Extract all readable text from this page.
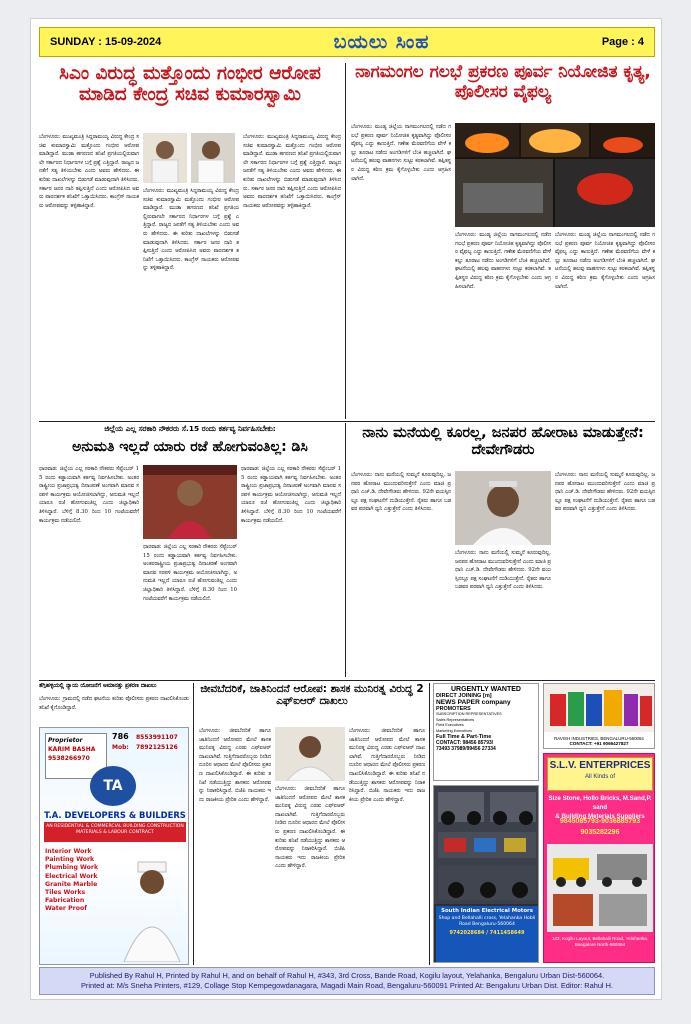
SUNDAY : 15-09-2024	ಬಯಲು ಸಿಂಹ	Page : 4
ಸಿಎಂ ವಿರುದ್ಧ ಮತ್ತೊಂದು ಗಂಭೀರ ಆರೋಪ ಮಾಡಿದ ಕೇಂದ್ರ ಸಚಿವ ಕುಮಾರಸ್ವಾಮಿ
ಬೆಂಗಳೂರು: ಮುಖ್ಯಮಂತ್ರಿ ಸಿದ್ದರಾಮಯ್ಯ ವಿರುದ್ಧ ಕೇಂದ್ರ ಸಚಿವ ಕುಮಾರಸ್ವಾಮಿ ಮತ್ತೊಂದು ಗಂಭೀರ ಆರೋಪ ಮಾಡಿದ್ದಾರೆ. ಮುಡಾ ಹಗರಣದ ತನಿಖೆ ಪ್ರಗತಿಯಲ್ಲಿರುವಾಗಲೇ ಸರ್ಕಾರದ ನಿರ್ಧಾರಗಳ ಬಗ್ಗೆ ಪ್ರಶ್ನೆ ಎತ್ತಿದ್ದಾರೆ. ರಾಜ್ಯದ ಜನತೆಗೆ ಸತ್ಯ ತಿಳಿಯಬೇಕು ಎಂದು ಅವರು ಹೇಳಿದರು. ಈ ಕುರಿತು ದಾಖಲೆಗಳನ್ನು ಬಿಡುಗಡೆ ಮಾಡುವುದಾಗಿ ತಿಳಿಸಿದರು. ಸರ್ಕಾರ ಜನರ ದಾರಿ ತಪ್ಪಿಸುತ್ತಿದೆ ಎಂದು ಆರೋಪಿಸಿದ ಅವರು ಪಾರದರ್ಶಕ ತನಿಖೆಗೆ ಒತ್ತಾಯಿಸಿದರು. ಕಾಂಗ್ರೆಸ್ ನಾಯಕರು ಆರೋಪವನ್ನು ತಳ್ಳಿಹಾಕಿದ್ದಾರೆ.
ಬೆಂಗಳೂರು: ಮುಖ್ಯಮಂತ್ರಿ ಸಿದ್ದರಾಮಯ್ಯ ವಿರುದ್ಧ ಕೇಂದ್ರ ಸಚಿವ ಕುಮಾರಸ್ವಾಮಿ ಮತ್ತೊಂದು ಗಂಭೀರ ಆರೋಪ ಮಾಡಿದ್ದಾರೆ. ಮುಡಾ ಹಗರಣದ ತನಿಖೆ ಪ್ರಗತಿಯಲ್ಲಿರುವಾಗಲೇ ಸರ್ಕಾರದ ನಿರ್ಧಾರಗಳ ಬಗ್ಗೆ ಪ್ರಶ್ನೆ ಎತ್ತಿದ್ದಾರೆ. ರಾಜ್ಯದ ಜನತೆಗೆ ಸತ್ಯ ತಿಳಿಯಬೇಕು ಎಂದು ಅವರು ಹೇಳಿದರು. ಈ ಕುರಿತು ದಾಖಲೆಗಳನ್ನು ಬಿಡುಗಡೆ ಮಾಡುವುದಾಗಿ ತಿಳಿಸಿದರು. ಸರ್ಕಾರ ಜನರ ದಾರಿ ತಪ್ಪಿಸುತ್ತಿದೆ ಎಂದು ಆರೋಪಿಸಿದ ಅವರು ಪಾರದರ್ಶಕ ತನಿಖೆಗೆ ಒತ್ತಾಯಿಸಿದರು. ಕಾಂಗ್ರೆಸ್ ನಾಯಕರು ಆರೋಪವನ್ನು ತಳ್ಳಿಹಾಕಿದ್ದಾರೆ.
ಬೆಂಗಳೂರು: ಮುಖ್ಯಮಂತ್ರಿ ಸಿದ್ದರಾಮಯ್ಯ ವಿರುದ್ಧ ಕೇಂದ್ರ ಸಚಿವ ಕುಮಾರಸ್ವಾಮಿ ಮತ್ತೊಂದು ಗಂಭೀರ ಆರೋಪ ಮಾಡಿದ್ದಾರೆ. ಮುಡಾ ಹಗರಣದ ತನಿಖೆ ಪ್ರಗತಿಯಲ್ಲಿರುವಾಗಲೇ ಸರ್ಕಾರದ ನಿರ್ಧಾರಗಳ ಬಗ್ಗೆ ಪ್ರಶ್ನೆ ಎತ್ತಿದ್ದಾರೆ. ರಾಜ್ಯದ ಜನತೆಗೆ ಸತ್ಯ ತಿಳಿಯಬೇಕು ಎಂದು ಅವರು ಹೇಳಿದರು. ಈ ಕುರಿತು ದಾಖಲೆಗಳನ್ನು ಬಿಡುಗಡೆ ಮಾಡುವುದಾಗಿ ತಿಳಿಸಿದರು. ಸರ್ಕಾರ ಜನರ ದಾರಿ ತಪ್ಪಿಸುತ್ತಿದೆ ಎಂದು ಆರೋಪಿಸಿದ ಅವರು ಪಾರದರ್ಶಕ ತನಿಖೆಗೆ ಒತ್ತಾಯಿಸಿದರು. ಕಾಂಗ್ರೆಸ್ ನಾಯಕರು ಆರೋಪವನ್ನು ತಳ್ಳಿಹಾಕಿದ್ದಾರೆ.
ನಾಗಮಂಗಲ ಗಲಭೆ ಪ್ರಕರಣ ಪೂರ್ವ ನಿಯೋಜಿತ ಕೃತ್ಯ, ಪೊಲೀಸರ ವೈಫಲ್ಯ
ಬೆಂಗಳೂರು: ಮಂಡ್ಯ ಜಿಲ್ಲೆಯ ನಾಗಮಂಗಲದಲ್ಲಿ ನಡೆದ ಗಲಭೆ ಪ್ರಕರಣ ಪೂರ್ವ ನಿಯೋಜಿತ ಕೃತ್ಯವಾಗಿದ್ದು ಪೊಲೀಸರ ವೈಫಲ್ಯ ಎದ್ದು ಕಾಣುತ್ತಿದೆ. ಗಣೇಶ ಮೆರವಣಿಗೆಯ ವೇಳೆ ಕಲ್ಲು ತೂರಾಟ ನಡೆದು ಅಂಗಡಿಗಳಿಗೆ ಬೆಂಕಿ ಹಚ್ಚಲಾಗಿದೆ. ಘಟನೆಯಲ್ಲಿ ಹಲವು ವಾಹನಗಳು ಸುಟ್ಟು ಕರಕಲಾಗಿವೆ. ತಪ್ಪಿತಸ್ಥರ ವಿರುದ್ಧ ಕಠಿಣ ಕ್ರಮ ಕೈಗೊಳ್ಳಬೇಕು ಎಂದು ಆಗ್ರಹಿಸಲಾಗಿದೆ.
ಬೆಂಗಳೂರು: ಮಂಡ್ಯ ಜಿಲ್ಲೆಯ ನಾಗಮಂಗಲದಲ್ಲಿ ನಡೆದ ಗಲಭೆ ಪ್ರಕರಣ ಪೂರ್ವ ನಿಯೋಜಿತ ಕೃತ್ಯವಾಗಿದ್ದು ಪೊಲೀಸರ ವೈಫಲ್ಯ ಎದ್ದು ಕಾಣುತ್ತಿದೆ. ಗಣೇಶ ಮೆರವಣಿಗೆಯ ವೇಳೆ ಕಲ್ಲು ತೂರಾಟ ನಡೆದು ಅಂಗಡಿಗಳಿಗೆ ಬೆಂಕಿ ಹಚ್ಚಲಾಗಿದೆ. ಘಟನೆಯಲ್ಲಿ ಹಲವು ವಾಹನಗಳು ಸುಟ್ಟು ಕರಕಲಾಗಿವೆ. ತಪ್ಪಿತಸ್ಥರ ವಿರುದ್ಧ ಕಠಿಣ ಕ್ರಮ ಕೈಗೊಳ್ಳಬೇಕು ಎಂದು ಆಗ್ರಹಿಸಲಾಗಿದೆ.
ಬೆಂಗಳೂರು: ಮಂಡ್ಯ ಜಿಲ್ಲೆಯ ನಾಗಮಂಗಲದಲ್ಲಿ ನಡೆದ ಗಲಭೆ ಪ್ರಕರಣ ಪೂರ್ವ ನಿಯೋಜಿತ ಕೃತ್ಯವಾಗಿದ್ದು ಪೊಲೀಸರ ವೈಫಲ್ಯ ಎದ್ದು ಕಾಣುತ್ತಿದೆ. ಗಣೇಶ ಮೆರವಣಿಗೆಯ ವೇಳೆ ಕಲ್ಲು ತೂರಾಟ ನಡೆದು ಅಂಗಡಿಗಳಿಗೆ ಬೆಂಕಿ ಹಚ್ಚಲಾಗಿದೆ. ಘಟನೆಯಲ್ಲಿ ಹಲವು ವಾಹನಗಳು ಸುಟ್ಟು ಕರಕಲಾಗಿವೆ. ತಪ್ಪಿತಸ್ಥರ ವಿರುದ್ಧ ಕಠಿಣ ಕ್ರಮ ಕೈಗೊಳ್ಳಬೇಕು ಎಂದು ಆಗ್ರಹಿಸಲಾಗಿದೆ.
ಜಿಲ್ಲೆಯ ಎಲ್ಲ ಸರಕಾರಿ ನೌಕರರು ಸೆ.15 ರಂದು ಕರ್ತವ್ಯ ನಿರ್ವಹಿಸಬೇಕು:
ಅನುಮತಿ ಇಲ್ಲದೆ ಯಾರು ರಜೆ ಹೋಗುವಂತಿಲ್ಲ: ಡಿಸಿ
ಧಾರವಾಡ: ಜಿಲ್ಲೆಯ ಎಲ್ಲ ಸರಕಾರಿ ನೌಕರರು ಸೆಪ್ಟೆಂಬರ್ 15 ರಂದು ಕಡ್ಡಾಯವಾಗಿ ಕರ್ತವ್ಯ ನಿರ್ವಹಿಸಬೇಕು. ಅಂತರರಾಷ್ಟ್ರೀಯ ಪ್ರಜಾಪ್ರಭುತ್ವ ದಿನಾಚರಣೆ ಅಂಗವಾಗಿ ಮಾನವ ಸರಪಳಿ ಕಾರ್ಯಕ್ರಮ ಆಯೋಜಿಸಲಾಗಿದ್ದು, ಅನುಮತಿ ಇಲ್ಲದೆ ಯಾರೂ ರಜೆ ಹೋಗುವಂತಿಲ್ಲ ಎಂದು ಜಿಲ್ಲಾಧಿಕಾರಿ ತಿಳಿಸಿದ್ದಾರೆ. ಬೆಳಿಗ್ಗೆ 8.30 ರಿಂದ 10 ಗಂಟೆಯವರೆಗೆ ಕಾರ್ಯಕ್ರಮ ನಡೆಯಲಿದೆ.
ಧಾರವಾಡ: ಜಿಲ್ಲೆಯ ಎಲ್ಲ ಸರಕಾರಿ ನೌಕರರು ಸೆಪ್ಟೆಂಬರ್ 15 ರಂದು ಕಡ್ಡಾಯವಾಗಿ ಕರ್ತವ್ಯ ನಿರ್ವಹಿಸಬೇಕು. ಅಂತರರಾಷ್ಟ್ರೀಯ ಪ್ರಜಾಪ್ರಭುತ್ವ ದಿನಾಚರಣೆ ಅಂಗವಾಗಿ ಮಾನವ ಸರಪಳಿ ಕಾರ್ಯಕ್ರಮ ಆಯೋಜಿಸಲಾಗಿದ್ದು, ಅನುಮತಿ ಇಲ್ಲದೆ ಯಾರೂ ರಜೆ ಹೋಗುವಂತಿಲ್ಲ ಎಂದು ಜಿಲ್ಲಾಧಿಕಾರಿ ತಿಳಿಸಿದ್ದಾರೆ. ಬೆಳಿಗ್ಗೆ 8.30 ರಿಂದ 10 ಗಂಟೆಯವರೆಗೆ ಕಾರ್ಯಕ್ರಮ ನಡೆಯಲಿದೆ.
ಧಾರವಾಡ: ಜಿಲ್ಲೆಯ ಎಲ್ಲ ಸರಕಾರಿ ನೌಕರರು ಸೆಪ್ಟೆಂಬರ್ 15 ರಂದು ಕಡ್ಡಾಯವಾಗಿ ಕರ್ತವ್ಯ ನಿರ್ವಹಿಸಬೇಕು. ಅಂತರರಾಷ್ಟ್ರೀಯ ಪ್ರಜಾಪ್ರಭುತ್ವ ದಿನಾಚರಣೆ ಅಂಗವಾಗಿ ಮಾನವ ಸರಪಳಿ ಕಾರ್ಯಕ್ರಮ ಆಯೋಜಿಸಲಾಗಿದ್ದು, ಅನುಮತಿ ಇಲ್ಲದೆ ಯಾರೂ ರಜೆ ಹೋಗುವಂತಿಲ್ಲ ಎಂದು ಜಿಲ್ಲಾಧಿಕಾರಿ ತಿಳಿಸಿದ್ದಾರೆ. ಬೆಳಿಗ್ಗೆ 8.30 ರಿಂದ 10 ಗಂಟೆಯವರೆಗೆ ಕಾರ್ಯಕ್ರಮ ನಡೆಯಲಿದೆ.
ನಾನು ಮನೆಯಲ್ಲಿ ಕೂರಲ್ಲ, ಜನಪರ ಹೋರಾಟ ಮಾಡುತ್ತೇನೆ: ದೇವೇಗೌಡರು
ಬೆಂಗಳೂರು: ನಾನು ಮನೆಯಲ್ಲಿ ಸುಮ್ಮನೆ ಕೂರುವುದಿಲ್ಲ. ಜನಪರ ಹೋರಾಟ ಮುಂದುವರಿಸುತ್ತೇನೆ ಎಂದು ಮಾಜಿ ಪ್ರಧಾನಿ ಎಚ್.ಡಿ. ದೇವೇಗೌಡರು ಹೇಳಿದರು. 92ನೇ ವಯಸ್ಸಿನಲ್ಲೂ ಪಕ್ಷ ಸಂಘಟನೆಗೆ ದುಡಿಯುತ್ತೇನೆ. ರೈತರು ಹಾಗೂ ಬಡವರ ಪರವಾಗಿ ಧ್ವನಿ ಎತ್ತುತ್ತೇನೆ ಎಂದು ತಿಳಿಸಿದರು.
ಬೆಂಗಳೂರು: ನಾನು ಮನೆಯಲ್ಲಿ ಸುಮ್ಮನೆ ಕೂರುವುದಿಲ್ಲ. ಜನಪರ ಹೋರಾಟ ಮುಂದುವರಿಸುತ್ತೇನೆ ಎಂದು ಮಾಜಿ ಪ್ರಧಾನಿ ಎಚ್.ಡಿ. ದೇವೇಗೌಡರು ಹೇಳಿದರು. 92ನೇ ವಯಸ್ಸಿನಲ್ಲೂ ಪಕ್ಷ ಸಂಘಟನೆಗೆ ದುಡಿಯುತ್ತೇನೆ. ರೈತರು ಹಾಗೂ ಬಡವರ ಪರವಾಗಿ ಧ್ವನಿ ಎತ್ತುತ್ತೇನೆ ಎಂದು ತಿಳಿಸಿದರು.
ಬೆಂಗಳೂರು: ನಾನು ಮನೆಯಲ್ಲಿ ಸುಮ್ಮನೆ ಕೂರುವುದಿಲ್ಲ. ಜನಪರ ಹೋರಾಟ ಮುಂದುವರಿಸುತ್ತೇನೆ ಎಂದು ಮಾಜಿ ಪ್ರಧಾನಿ ಎಚ್.ಡಿ. ದೇವೇಗೌಡರು ಹೇಳಿದರು. 92ನೇ ವಯಸ್ಸಿನಲ್ಲೂ ಪಕ್ಷ ಸಂಘಟನೆಗೆ ದುಡಿಯುತ್ತೇನೆ. ರೈತರು ಹಾಗೂ ಬಡವರ ಪರವಾಗಿ ಧ್ವನಿ ಎತ್ತುತ್ತೇನೆ ಎಂದು ತಿಳಿಸಿದರು.
ತೆಗ್ಗಿಹಳ್ಳಿಯಲ್ಲಿ ನ್ಯಾಯ ಯೋಜನೆಗೆ ಅಮಾನತ್ತು ಪ್ರಕರಣ ದಾಖಲು
ಬೆಂಗಳೂರು: ಗ್ರಾಮದಲ್ಲಿ ನಡೆದ ಘಟನೆಯ ಕುರಿತು ಪೊಲೀಸರು ಪ್ರಕರಣ ದಾಖಲಿಸಿಕೊಂಡು ತನಿಖೆ ಕೈಗೊಂಡಿದ್ದಾರೆ.
Proprietor
KARIM BASHA
9538266970
786 8553991107
Mob: 7892125126
TA
T.A. DEVELOPERS & BUILDERS
AN RESIDENTIAL & COMMERCIAL BUILDING CONSTRUCTION MATERIALS & LABOUR CONTRACT
Interior Work
Painting Work
Plumbing Work
Electrical Work
Granite Marble
Tiles Works
Fabrication
Water Proof
ಜೀವಬೆದರಿಕೆ, ಜಾತಿನಿಂದನೆ ಆರೋಪ: ಶಾಸಕ ಮುನಿರತ್ನ ವಿರುದ್ಧ 2 ಎಫ್‌ಐಆರ್ ದಾಖಲು
ಬೆಂಗಳೂರು: ಜೀವಬೆದರಿಕೆ ಹಾಗೂ ಜಾತಿನಿಂದನೆ ಆರೋಪದ ಮೇಲೆ ಶಾಸಕ ಮುನಿರತ್ನ ವಿರುದ್ಧ ಎರಡು ಎಫ್‌ಐಆರ್ ದಾಖಲಾಗಿವೆ. ಗುತ್ತಿಗೆದಾರರೊಬ್ಬರು ನೀಡಿದ ದೂರಿನ ಆಧಾರದ ಮೇಲೆ ಪೊಲೀಸರು ಪ್ರಕರಣ ದಾಖಲಿಸಿಕೊಂಡಿದ್ದಾರೆ. ಈ ಕುರಿತು ತನಿಖೆ ನಡೆಯುತ್ತಿದ್ದು ಶಾಸಕರು ಆರೋಪವನ್ನು ನಿರಾಕರಿಸಿದ್ದಾರೆ. ಬಿಜೆಪಿ ನಾಯಕರು ಇದು ರಾಜಕೀಯ ಪ್ರೇರಿತ ಎಂದು ಹೇಳಿದ್ದಾರೆ.
ಬೆಂಗಳೂರು: ಜೀವಬೆದರಿಕೆ ಹಾಗೂ ಜಾತಿನಿಂದನೆ ಆರೋಪದ ಮೇಲೆ ಶಾಸಕ ಮುನಿರತ್ನ ವಿರುದ್ಧ ಎರಡು ಎಫ್‌ಐಆರ್ ದಾಖಲಾಗಿವೆ. ಗುತ್ತಿಗೆದಾರರೊಬ್ಬರು ನೀಡಿದ ದೂರಿನ ಆಧಾರದ ಮೇಲೆ ಪೊಲೀಸರು ಪ್ರಕರಣ ದಾಖಲಿಸಿಕೊಂಡಿದ್ದಾರೆ. ಈ ಕುರಿತು ತನಿಖೆ ನಡೆಯುತ್ತಿದ್ದು ಶಾಸಕರು ಆರೋಪವನ್ನು ನಿರಾಕರಿಸಿದ್ದಾರೆ. ಬಿಜೆಪಿ ನಾಯಕರು ಇದು ರಾಜಕೀಯ ಪ್ರೇರಿತ ಎಂದು ಹೇಳಿದ್ದಾರೆ.
ಬೆಂಗಳೂರು: ಜೀವಬೆದರಿಕೆ ಹಾಗೂ ಜಾತಿನಿಂದನೆ ಆರೋಪದ ಮೇಲೆ ಶಾಸಕ ಮುನಿರತ್ನ ವಿರುದ್ಧ ಎರಡು ಎಫ್‌ಐಆರ್ ದಾಖಲಾಗಿವೆ. ಗುತ್ತಿಗೆದಾರರೊಬ್ಬರು ನೀಡಿದ ದೂರಿನ ಆಧಾರದ ಮೇಲೆ ಪೊಲೀಸರು ಪ್ರಕರಣ ದಾಖಲಿಸಿಕೊಂಡಿದ್ದಾರೆ. ಈ ಕುರಿತು ತನಿಖೆ ನಡೆಯುತ್ತಿದ್ದು ಶಾಸಕರು ಆರೋಪವನ್ನು ನಿರಾಕರಿಸಿದ್ದಾರೆ. ಬಿಜೆಪಿ ನಾಯಕರು ಇದು ರಾಜಕೀಯ ಪ್ರೇರಿತ ಎಂದು ಹೇಳಿದ್ದಾರೆ.
URGENTLY WANTED
DIRECT JOINING [m]
NEWS PAPER company
PROMOTERS
SUBSCRIPTION REPRESENTATIVES
Sales Representatives
Field Executives
Marketing Executives
Full Time & Part-Time
CONTACT: 98456 85793/
73493 37989/99456 27334
South Indian Electrical Motors
Shop and Bellahalli cross, Yelahanka Hobli Road Bengaluru-560064
9742028684 / 7411458649
RAVISH INDUSTRIES, BENGALURU-560064
CONTACT: +91 9066427827
S.L.V. ENTERPRICES
All Kinds of
Size Stone, Hollo Bricks, M.Sand,P. sand
& Building Meterials Suppliers
9845085793-9036885793
9035282296
142, Kogilu Layout, Bellahalli Road, Yelahanka, Bangalore North-560064
Published By Rahul H, Printed by Rahul H, and on behalf of Rahul H, #343, 3rd Cross, Bande Road, Kogilu layout, Yelahanka, Bengaluru Urban Dist-560064.
Printed at: M/s Sneha Printers, #129, Collage Stop Kempegowdanagara, Magadi Main Road, Bengaluru-560091 Printed At: Bengaluru Urban Dist. Editor: Rahul H.
